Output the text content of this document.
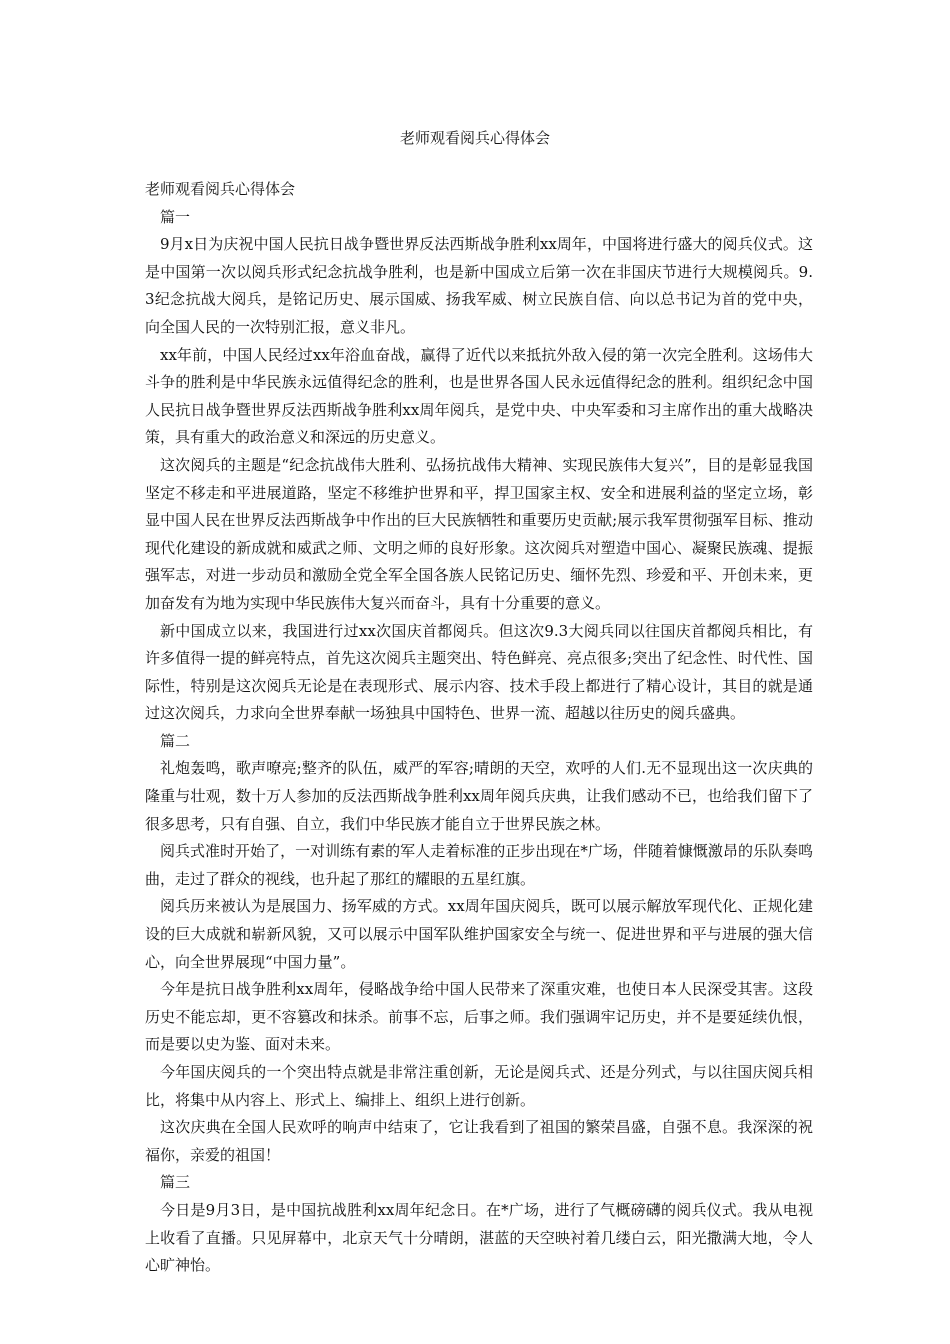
老师观看阅兵心得体会

老师观看阅兵心得体会

篇一

9月x日为庆祝中国人民抗日战争暨世界反法西斯战争胜利xx周年，中国将进行盛大的阅兵仪式。这是中国第一次以阅兵形式纪念抗战争胜利，也是新中国成立后第一次在非国庆节进行大规模阅兵。9.3纪念抗战大阅兵，是铭记历史、展示国威、扬我军威、树立民族自信、向以总书记为首的党中央，向全国人民的一次特别汇报，意义非凡。

xx年前，中国人民经过xx年浴血奋战，赢得了近代以来抵抗外敌入侵的第一次完全胜利。这场伟大斗争的胜利是中华民族永远值得纪念的胜利，也是世界各国人民永远值得纪念的胜利。组织纪念中国人民抗日战争暨世界反法西斯战争胜利xx周年阅兵，是党中央、中央军委和习主席作出的重大战略决策，具有重大的政治意义和深远的历史意义。

这次阅兵的主题是“纪念抗战伟大胜利、弘扬抗战伟大精神、实现民族伟大复兴”，目的是彰显我国坚定不移走和平进展道路，坚定不移维护世界和平，捍卫国家主权、安全和进展利益的坚定立场，彰显中国人民在世界反法西斯战争中作出的巨大民族牺牲和重要历史贡献;展示我军贯彻强军目标、推动现代化建设的新成就和威武之师、文明之师的良好形象。这次阅兵对塑造中国心、凝聚民族魂、提振强军志，对进一步动员和激励全党全军全国各族人民铭记历史、缅怀先烈、珍爱和平、开创未来，更加奋发有为地为实现中华民族伟大复兴而奋斗，具有十分重要的意义。

新中国成立以来，我国进行过xx次国庆首都阅兵。但这次9.3大阅兵同以往国庆首都阅兵相比，有许多值得一提的鲜亮特点，首先这次阅兵主题突出、特色鲜亮、亮点很多;突出了纪念性、时代性、国际性，特别是这次阅兵无论是在表现形式、展示内容、技术手段上都进行了精心设计，其目的就是通过这次阅兵，力求向全世界奉献一场独具中国特色、世界一流、超越以往历史的阅兵盛典。

篇二

礼炮轰鸣，歌声嘹亮;整齐的队伍，威严的军容;晴朗的天空，欢呼的人们.无不显现出这一次庆典的隆重与壮观，数十万人参加的反法西斯战争胜利xx周年阅兵庆典，让我们感动不已，也给我们留下了很多思考，只有自强、自立，我们中华民族才能自立于世界民族之林。

阅兵式准时开始了，一对训练有素的军人走着标准的正步出现在*广场，伴随着慷慨激昂的乐队奏鸣曲，走过了群众的视线，也升起了那红的耀眼的五星红旗。

阅兵历来被认为是展国力、扬军威的方式。xx周年国庆阅兵，既可以展示解放军现代化、正规化建设的巨大成就和崭新风貌，又可以展示中国军队维护国家安全与统一、促进世界和平与进展的强大信心，向全世界展现“中国力量”。

今年是抗日战争胜利xx周年，侵略战争给中国人民带来了深重灾难，也使日本人民深受其害。这段历史不能忘却，更不容篡改和抹杀。前事不忘，后事之师。我们强调牢记历史，并不是要延续仇恨，而是要以史为鉴、面对未来。

今年国庆阅兵的一个突出特点就是非常注重创新，无论是阅兵式、还是分列式，与以往国庆阅兵相比，将集中从内容上、形式上、编排上、组织上进行创新。

这次庆典在全国人民欢呼的响声中结束了，它让我看到了祖国的繁荣昌盛，自强不息。我深深的祝福你，亲爱的祖国！

篇三

今日是9月3日，是中国抗战胜利xx周年纪念日。在*广场，进行了气概磅礴的阅兵仪式。我从电视上收看了直播。只见屏幕中，北京天气十分晴朗，湛蓝的天空映衬着几缕白云，阳光撒满大地，令人心旷神怡。
